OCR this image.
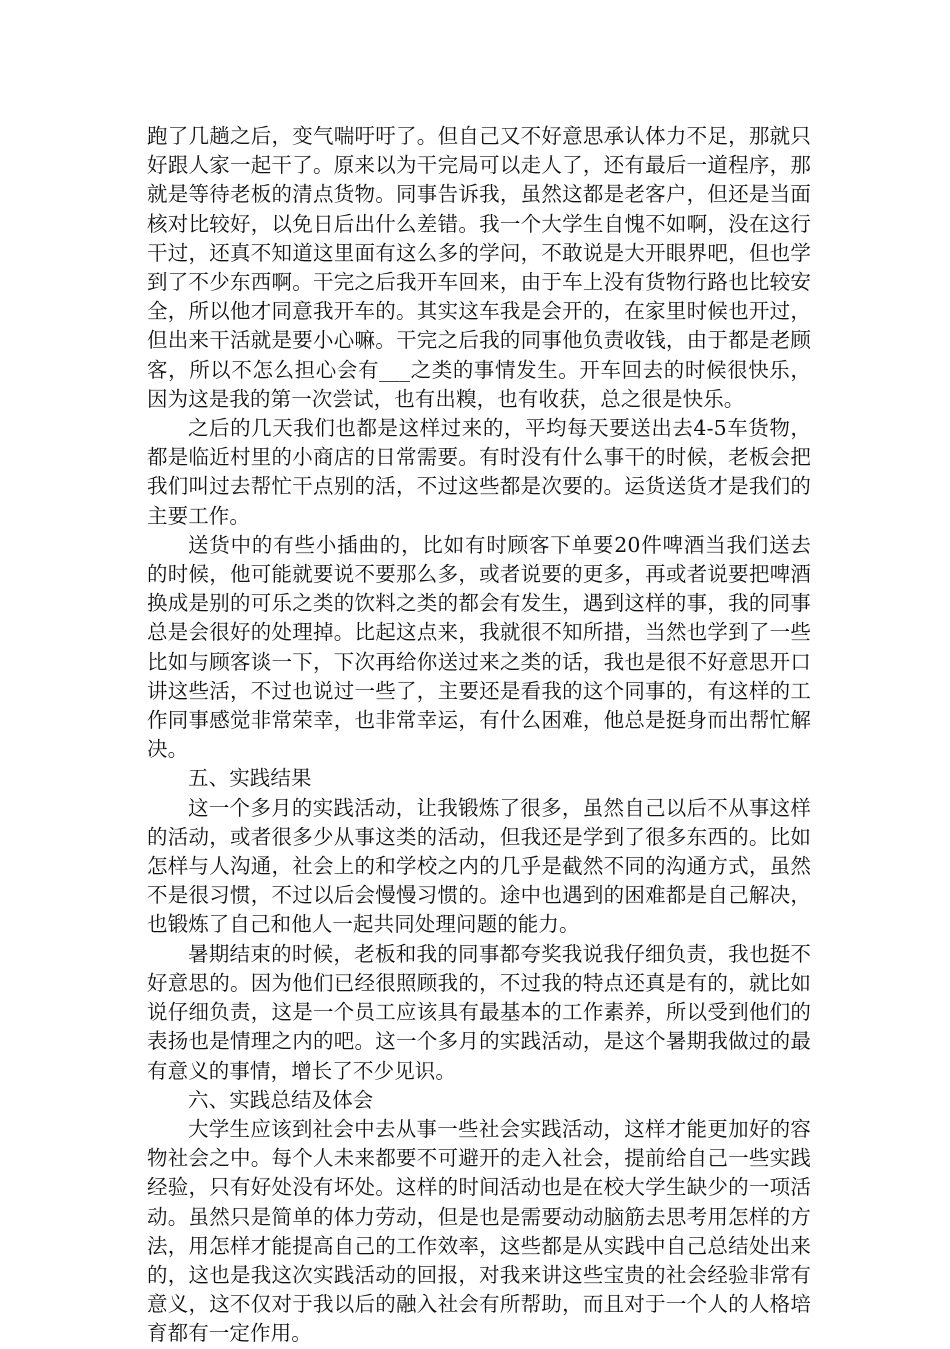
跑了几趟之后，变气喘吁吁了。但自己又不好意思承认体力不足，那就只好跟人家一起干了。原来以为干完局可以走人了，还有最后一道程序，那就是等待老板的清点货物。同事告诉我，虽然这都是老客户，但还是当面核对比较好，以免日后出什么差错。我一个大学生自愧不如啊，没在这行干过，还真不知道这里面有这么多的学问，不敢说是大开眼界吧，但也学到了不少东西啊。干完之后我开车回来，由于车上没有货物行路也比较安全，所以他才同意我开车的。其实这车我是会开的，在家里时候也开过，但出来干活就是要小心嘛。干完之后我的同事他负责收钱，由于都是老顾客，所以不怎么担心会有___之类的事情发生。开车回去的时候很快乐，因为这是我的第一次尝试，也有出糗，也有收获，总之很是快乐。

之后的几天我们也都是这样过来的，平均每天要送出去4-5车货物，都是临近村里的小商店的日常需要。有时没有什么事干的时候，老板会把我们叫过去帮忙干点别的活，不过这些都是次要的。运货送货才是我们的主要工作。

送货中的有些小插曲的，比如有时顾客下单要20件啤酒当我们送去的时候，他可能就要说不要那么多，或者说要的更多，再或者说要把啤酒换成是别的可乐之类的饮料之类的都会有发生，遇到这样的事，我的同事总是会很好的处理掉。比起这点来，我就很不知所措，当然也学到了一些比如与顾客谈一下，下次再给你送过来之类的话，我也是很不好意思开口讲这些活，不过也说过一些了，主要还是看我的这个同事的，有这样的工作同事感觉非常荣幸，也非常幸运，有什么困难，他总是挺身而出帮忙解决。

五、实践结果

这一个多月的实践活动，让我锻炼了很多，虽然自己以后不从事这样的活动，或者很多少从事这类的活动，但我还是学到了很多东西的。比如怎样与人沟通，社会上的和学校之内的几乎是截然不同的沟通方式，虽然不是很习惯，不过以后会慢慢习惯的。途中也遇到的困难都是自己解决，也锻炼了自己和他人一起共同处理问题的能力。

暑期结束的时候，老板和我的同事都夸奖我说我仔细负责，我也挺不好意思的。因为他们已经很照顾我的，不过我的特点还真是有的，就比如说仔细负责，这是一个员工应该具有最基本的工作素养，所以受到他们的表扬也是情理之内的吧。这一个多月的实践活动，是这个暑期我做过的最有意义的事情，增长了不少见识。

六、实践总结及体会

大学生应该到社会中去从事一些社会实践活动，这样才能更加好的容物社会之中。每个人未来都要不可避开的走入社会，提前给自己一些实践经验，只有好处没有坏处。这样的时间活动也是在校大学生缺少的一项活动。虽然只是简单的体力劳动，但是也是需要动动脑筋去思考用怎样的方法，用怎样才能提高自己的工作效率，这些都是从实践中自己总结处出来的，这也是我这次实践活动的回报，对我来讲这些宝贵的社会经验非常有意义，这不仅对于我以后的融入社会有所帮助，而且对于一个人的人格培育都有一定作用。
